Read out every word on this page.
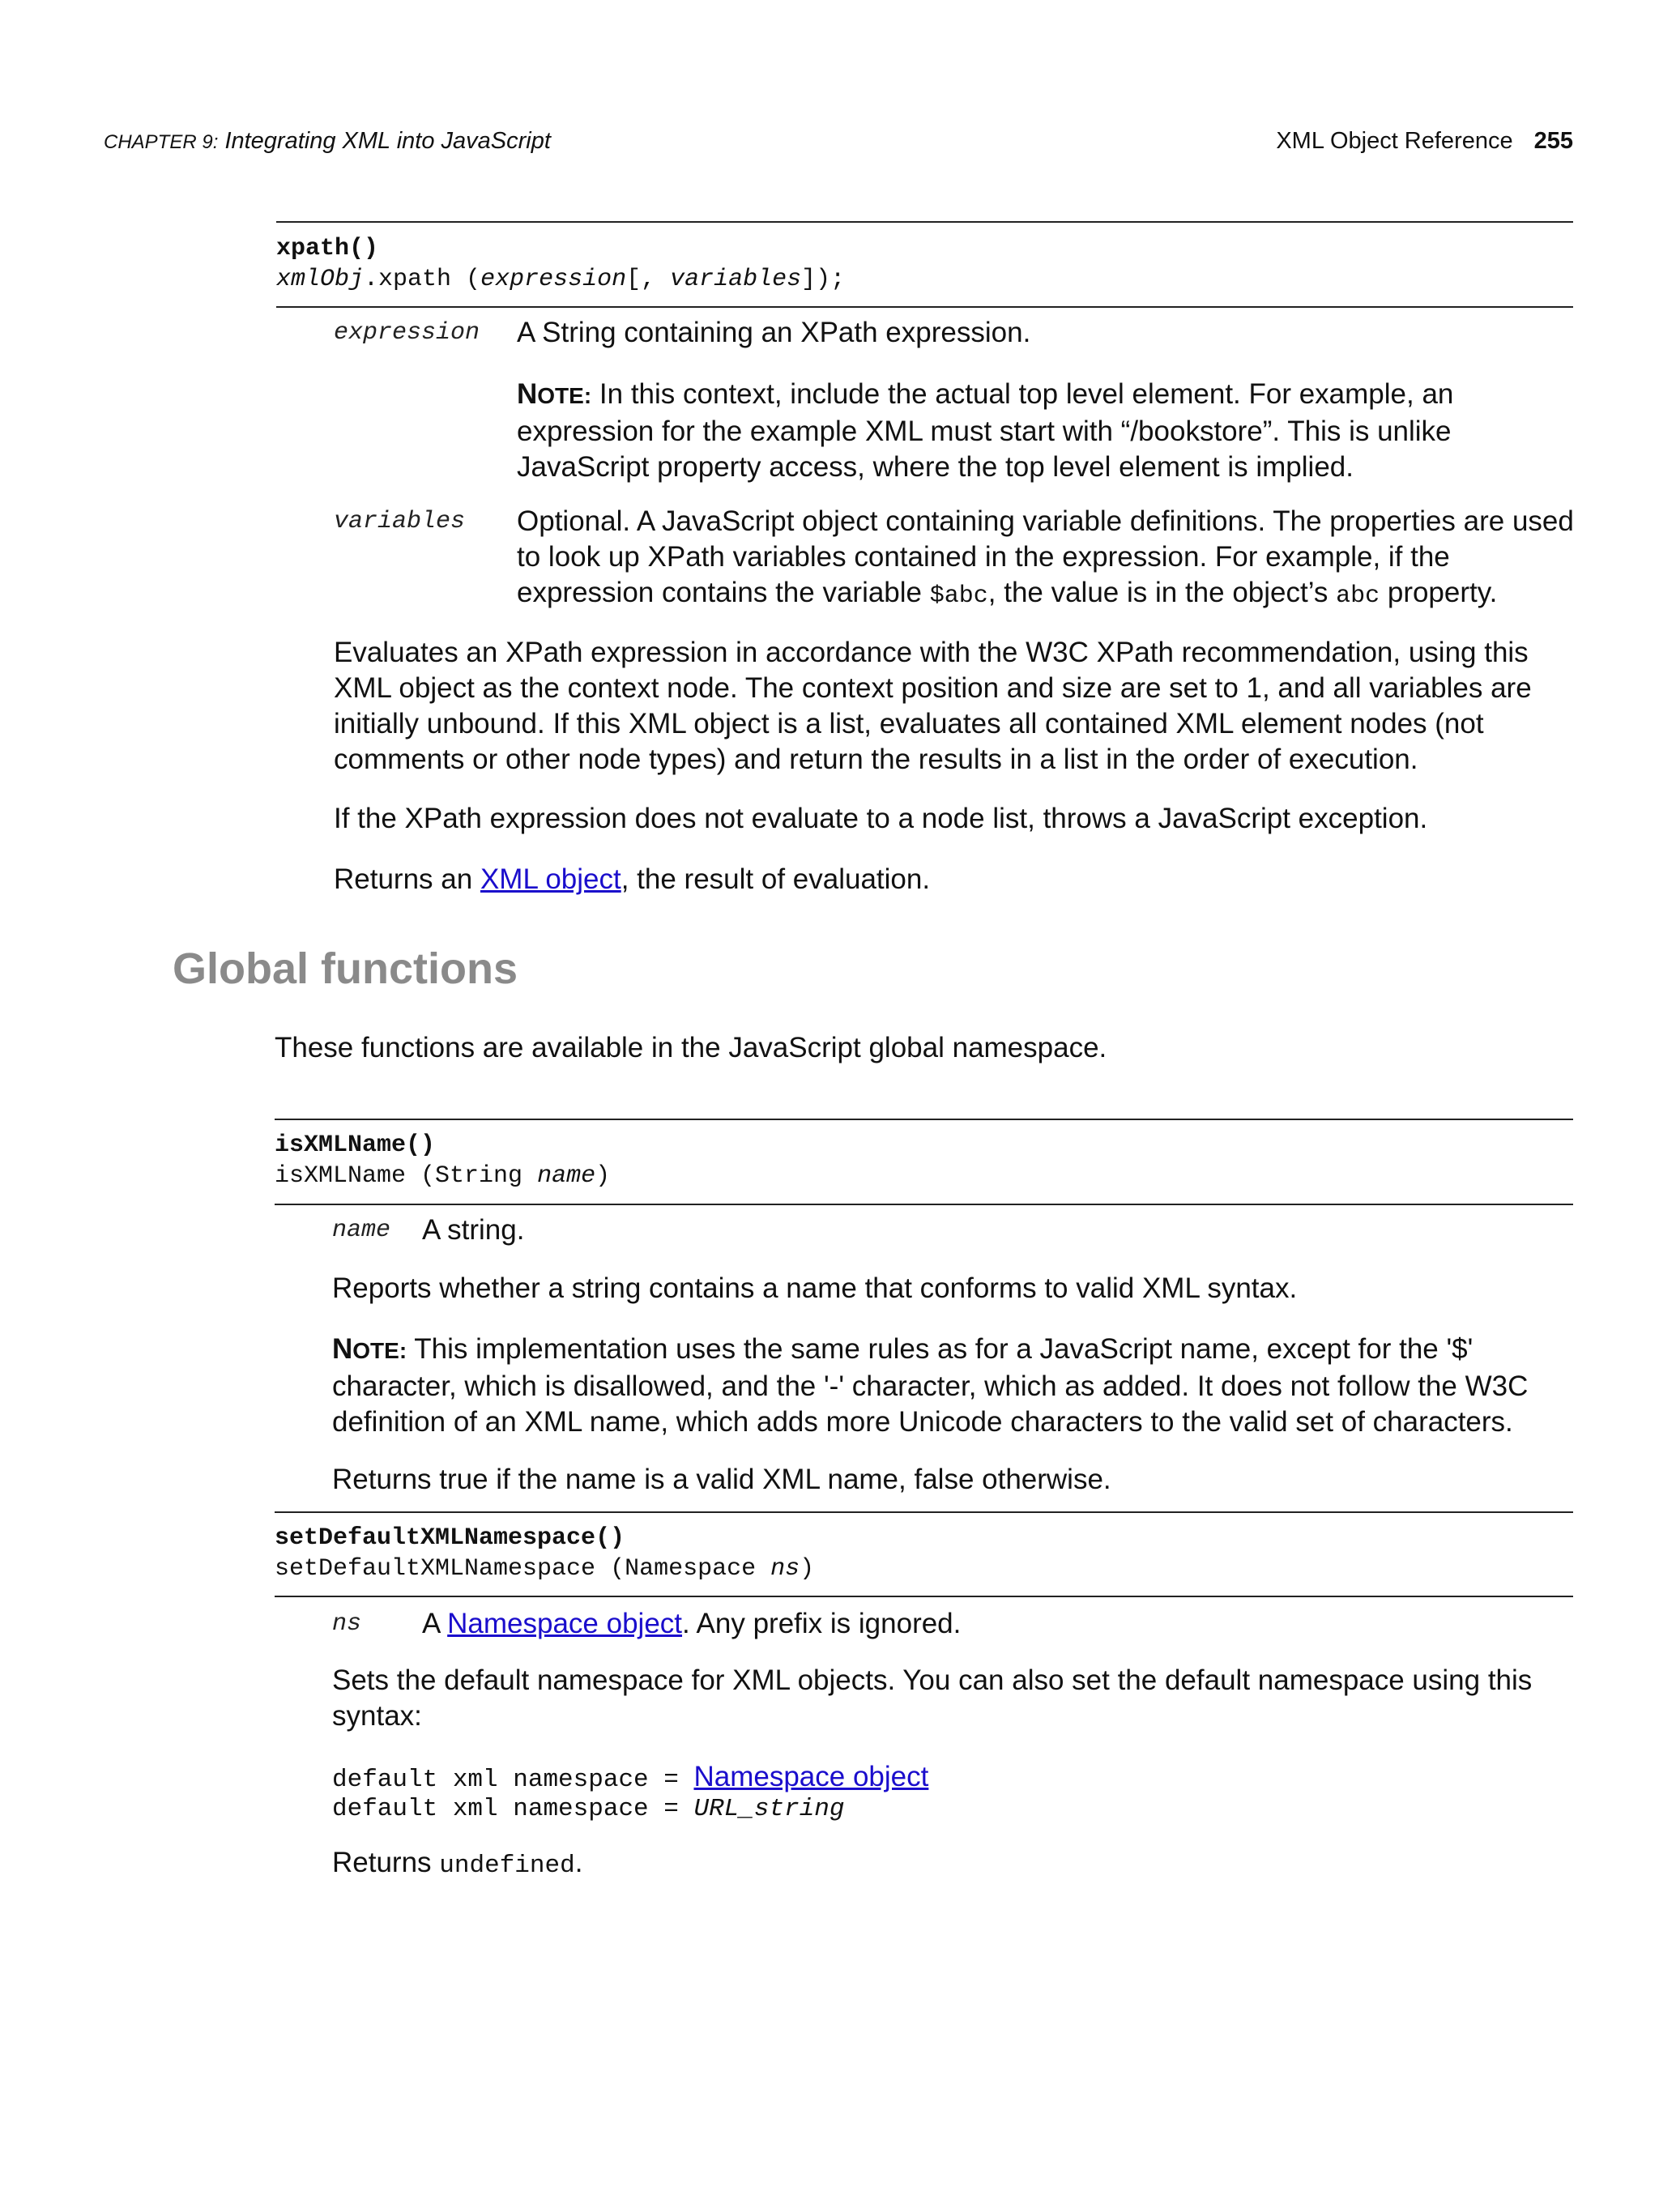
CHAPTER 9: Integrating XML into JavaScript	XML Object Reference 255
xpath()
xmlObj.xpath (expression[, variables]);
expression A String containing an XPath expression.
NOTE: In this context, include the actual top level element. For example, an expression for the example XML must start with “/bookstore”. This is unlike JavaScript property access, where the top level element is implied.
variables Optional. A JavaScript object containing variable definitions. The properties are used to look up XPath variables contained in the expression. For example, if the expression contains the variable $abc, the value is in the object’s abc property.
Evaluates an XPath expression in accordance with the W3C XPath recommendation, using this XML object as the context node. The context position and size are set to 1, and all variables are initially unbound. If this XML object is a list, evaluates all contained XML element nodes (not comments or other node types) and return the results in a list in the order of execution.
If the XPath expression does not evaluate to a node list, throws a JavaScript exception.
Returns an XML object, the result of evaluation.
Global functions
These functions are available in the JavaScript global namespace.
isXMLName()
isXMLName (String name)
name A string.
Reports whether a string contains a name that conforms to valid XML syntax.
NOTE: This implementation uses the same rules as for a JavaScript name, except for the '$' character, which is disallowed, and the '-' character, which as added. It does not follow the W3C definition of an XML name, which adds more Unicode characters to the valid set of characters.
Returns true if the name is a valid XML name, false otherwise.
setDefaultXMLNamespace()
setDefaultXMLNamespace (Namespace ns)
ns A Namespace object. Any prefix is ignored.
Sets the default namespace for XML objects. You can also set the default namespace using this syntax:
default xml namespace = Namespace object
default xml namespace = URL_string
Returns undefined.
